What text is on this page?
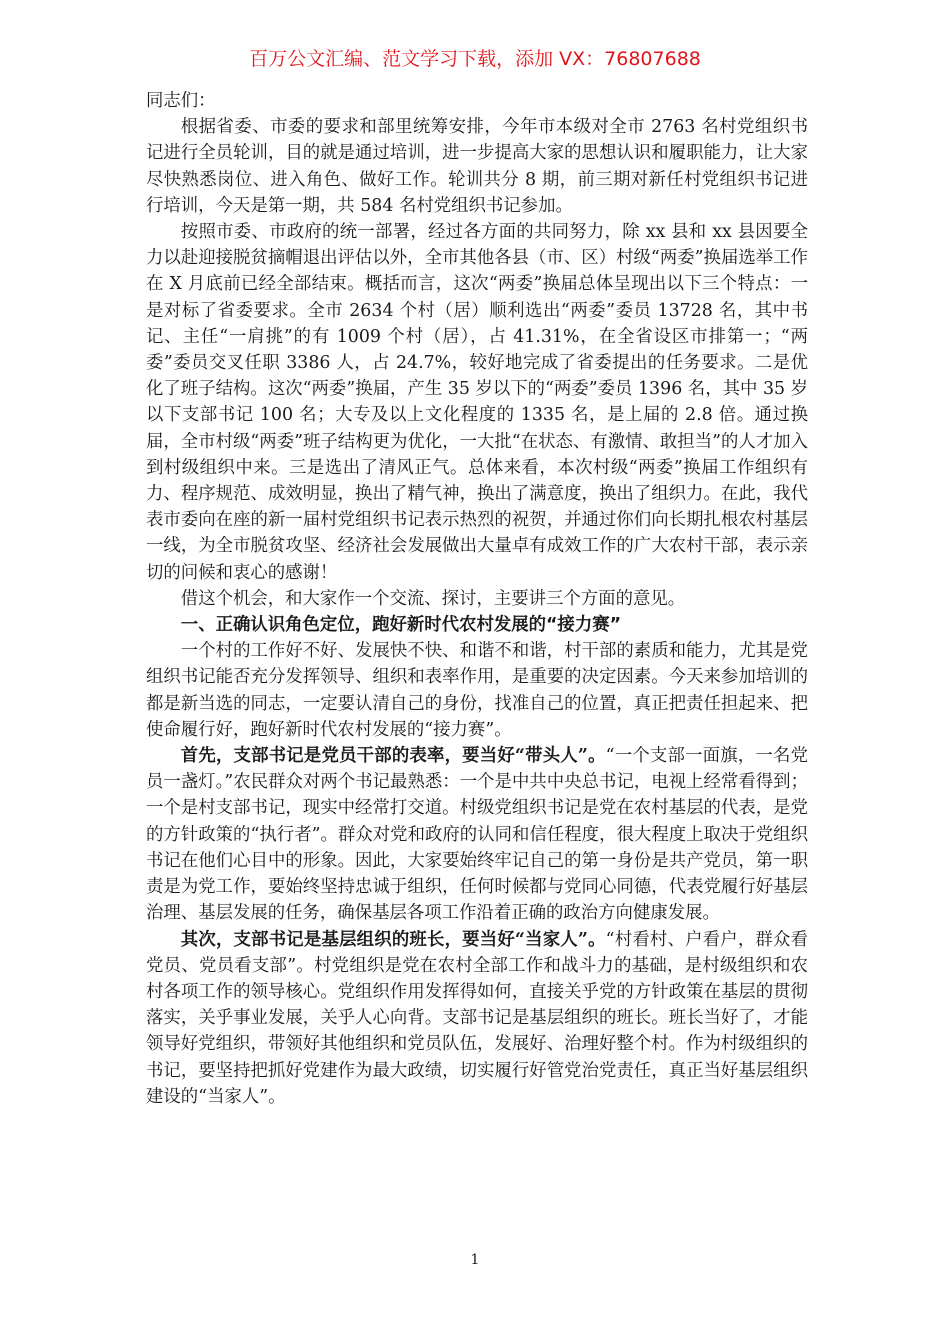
百万公文汇编、范文学习下载，添加 VX：76807688

同志们：

根据省委、市委的要求和部里统筹安排，今年市本级对全市 2763 名村党组织书记进行全员轮训，目的就是通过培训，进一步提高大家的思想认识和履职能力，让大家尽快熟悉岗位、进入角色、做好工作。轮训共分 8 期，前三期对新任村党组织书记进行培训，今天是第一期，共 584 名村党组织书记参加。

按照市委、市政府的统一部署，经过各方面的共同努力，除 xx 县和 xx 县因要全力以赴迎接脱贫摘帽退出评估以外，全市其他各县（市、区）村级“两委”换届选举工作在 X 月底前已经全部结束。概括而言，这次“两委”换届总体呈现出以下三个特点：一是对标了省委要求。全市 2634 个村（居）顺利选出“两委”委员 13728 名，其中书记、主任“一肩挑”的有 1009 个村（居），占 41.31%，在全省设区市排第一；“两委”委员交叉任职 3386 人，占 24.7%，较好地完成了省委提出的任务要求。二是优化了班子结构。这次“两委”换届，产生 35 岁以下的“两委”委员 1396 名，其中 35 岁以下支部书记 100 名；大专及以上文化程度的 1335 名，是上届的 2.8 倍。通过换届，全市村级“两委”班子结构更为优化，一大批“在状态、有激情、敢担当”的人才加入到村级组织中来。三是选出了清风正气。总体来看，本次村级“两委”换届工作组织有力、程序规范、成效明显，换出了精气神，换出了满意度，换出了组织力。在此，我代表市委向在座的新一届村党组织书记表示热烈的祝贺，并通过你们向长期扎根农村基层一线，为全市脱贫攻坚、经济社会发展做出大量卓有成效工作的广大农村干部，表示亲切的问候和衷心的感谢！

借这个机会，和大家作一个交流、探讨，主要讲三个方面的意见。

一、正确认识角色定位，跑好新时代农村发展的“接力赛”

一个村的工作好不好、发展快不快、和谐不和谐，村干部的素质和能力，尤其是党组织书记能否充分发挥领导、组织和表率作用，是重要的决定因素。今天来参加培训的都是新当选的同志，一定要认清自己的身份，找准自己的位置，真正把责任担起来、把使命履行好，跑好新时代农村发展的“接力赛”。

首先，支部书记是党员干部的表率，要当好“带头人”。“一个支部一面旗，一名党员一盏灯。”农民群众对两个书记最熟悉：一个是中共中央总书记，电视上经常看得到；一个是村支部书记，现实中经常打交道。村级党组织书记是党在农村基层的代表，是党的方针政策的“执行者”。群众对党和政府的认同和信任程度，很大程度上取决于党组织书记在他们心目中的形象。因此，大家要始终牢记自己的第一身份是共产党员，第一职责是为党工作，要始终坚持忠诚于组织，任何时候都与党同心同德，代表党履行好基层治理、基层发展的任务，确保基层各项工作沿着正确的政治方向健康发展。

其次，支部书记是基层组织的班长，要当好“当家人”。“村看村、户看户，群众看党员、党员看支部”。村党组织是党在农村全部工作和战斗力的基础，是村级组织和农村各项工作的领导核心。党组织作用发挥得如何，直接关乎党的方针政策在基层的贯彻落实，关乎事业发展，关乎人心向背。支部书记是基层组织的班长。班长当好了，才能领导好党组织，带领好其他组织和党员队伍，发展好、治理好整个村。作为村级组织的书记，要坚持把抓好党建作为最大政绩，切实履行好管党治党责任，真正当好基层组织建设的“当家人”。

1
